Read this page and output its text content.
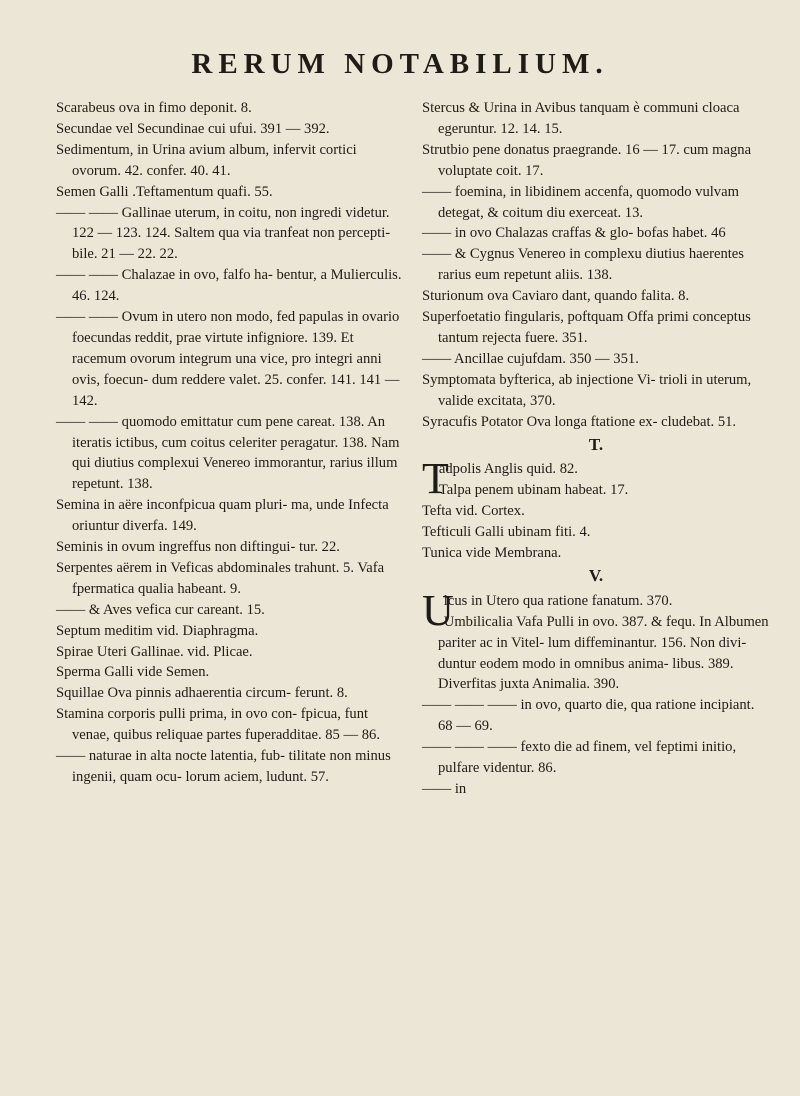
RERUM NOTABILIUM.

Scarabeus ova in fimo deponit. 8.

Secundae vel Secundinae cui ufui. 391 — 392.

Sedimentum, in Urina avium album, infervit cortici ovorum. 42. confer. 40. 41.

Semen Galli .Teftamentum quafi. 55.

—— —— Gallinae uterum, in coitu, non ingredi videtur. 122 — 123. 124. Saltem qua via tranfeat non percepti- bile. 21 — 22. 22.

—— —— Chalazae in ovo, falfo ha- bentur, a Mulierculis. 46. 124.

—— —— Ovum in utero non modo, fed papulas in ovario foecundas reddit, prae virtute infigniore. 139. Et racemum ovorum integrum una vice, pro integri anni ovis, foecun- dum reddere valet. 25. confer. 141. 141 — 142.

—— —— quomodo emittatur cum pene careat. 138. An iteratis ictibus, cum coitus celeriter peragatur. 138. Nam qui diutius complexui Venereo immorantur, rarius illum repetunt. 138.

Semina in aëre inconfpicua quam pluri- ma, unde Infecta oriuntur diverfa. 149.

Seminis in ovum ingreffus non diftingui- tur. 22.

Serpentes aërem in Veficas abdominales trahunt. 5. Vafa fpermatica qualia habeant. 9.

—— & Aves vefica cur careant. 15.

Septum meditim vid. Diaphragma.

Spirae Uteri Gallinae. vid. Plicae.

Sperma Galli vide Semen.

Squillae Ova pinnis adhaerentia circum- ferunt. 8.

Stamina corporis pulli prima, in ovo con- fpicua, funt venae, quibus reliquae partes fuperadditae. 85 — 86.

—— naturae in alta nocte latentia, fub- tilitate non minus ingenii, quam ocu- lorum aciem, ludunt. 57.

Stercus & Urina in Avibus tanquam è communi cloaca egeruntur. 12. 14. 15.

Strutbio pene donatus praegrande. 16 — 17. cum magna voluptate coit. 17.

—— foemina, in libidinem accenfa, quomodo vulvam detegat, & coitum diu exerceat. 13.

—— in ovo Chalazas craffas & glo- bofas habet. 46

—— & Cygnus Venereo in complexu diutius haerentes rarius eum repetunt aliis. 138.

Sturionum ova Caviaro dant, quando falita. 8.

Superfoetatio fingularis, poftquam Offa primi conceptus tantum rejecta fuere. 351.

—— Ancillae cujufdam. 350 — 351.

Symptomata byfterica, ab injectione Vi- trioli in uterum, valide excitata, 370.

Syracufis Potator Ova longa ftatione ex- cludebat. 51.

T.
T

adpolis Anglis quid. 82.

Talpa penem ubinam habeat. 17.

Tefta vid. Cortex.

Tefticuli Galli ubinam fiti. 4.

Tunica vide Membrana.

V.
U

lcus in Utero qua ratione fanatum. 370.

Umbilicalia Vafa Pulli in ovo. 387. & fequ. In Albumen pariter ac in Vitel- lum diffeminantur. 156. Non divi- duntur eodem modo in omnibus anima- libus. 389. Diverfitas juxta Animalia. 390.

—— —— —— in ovo, quarto die, qua ratione incipiant. 68 — 69.

—— —— —— fexto die ad finem, vel feptimi initio, pulfare videntur. 86.

—— in
